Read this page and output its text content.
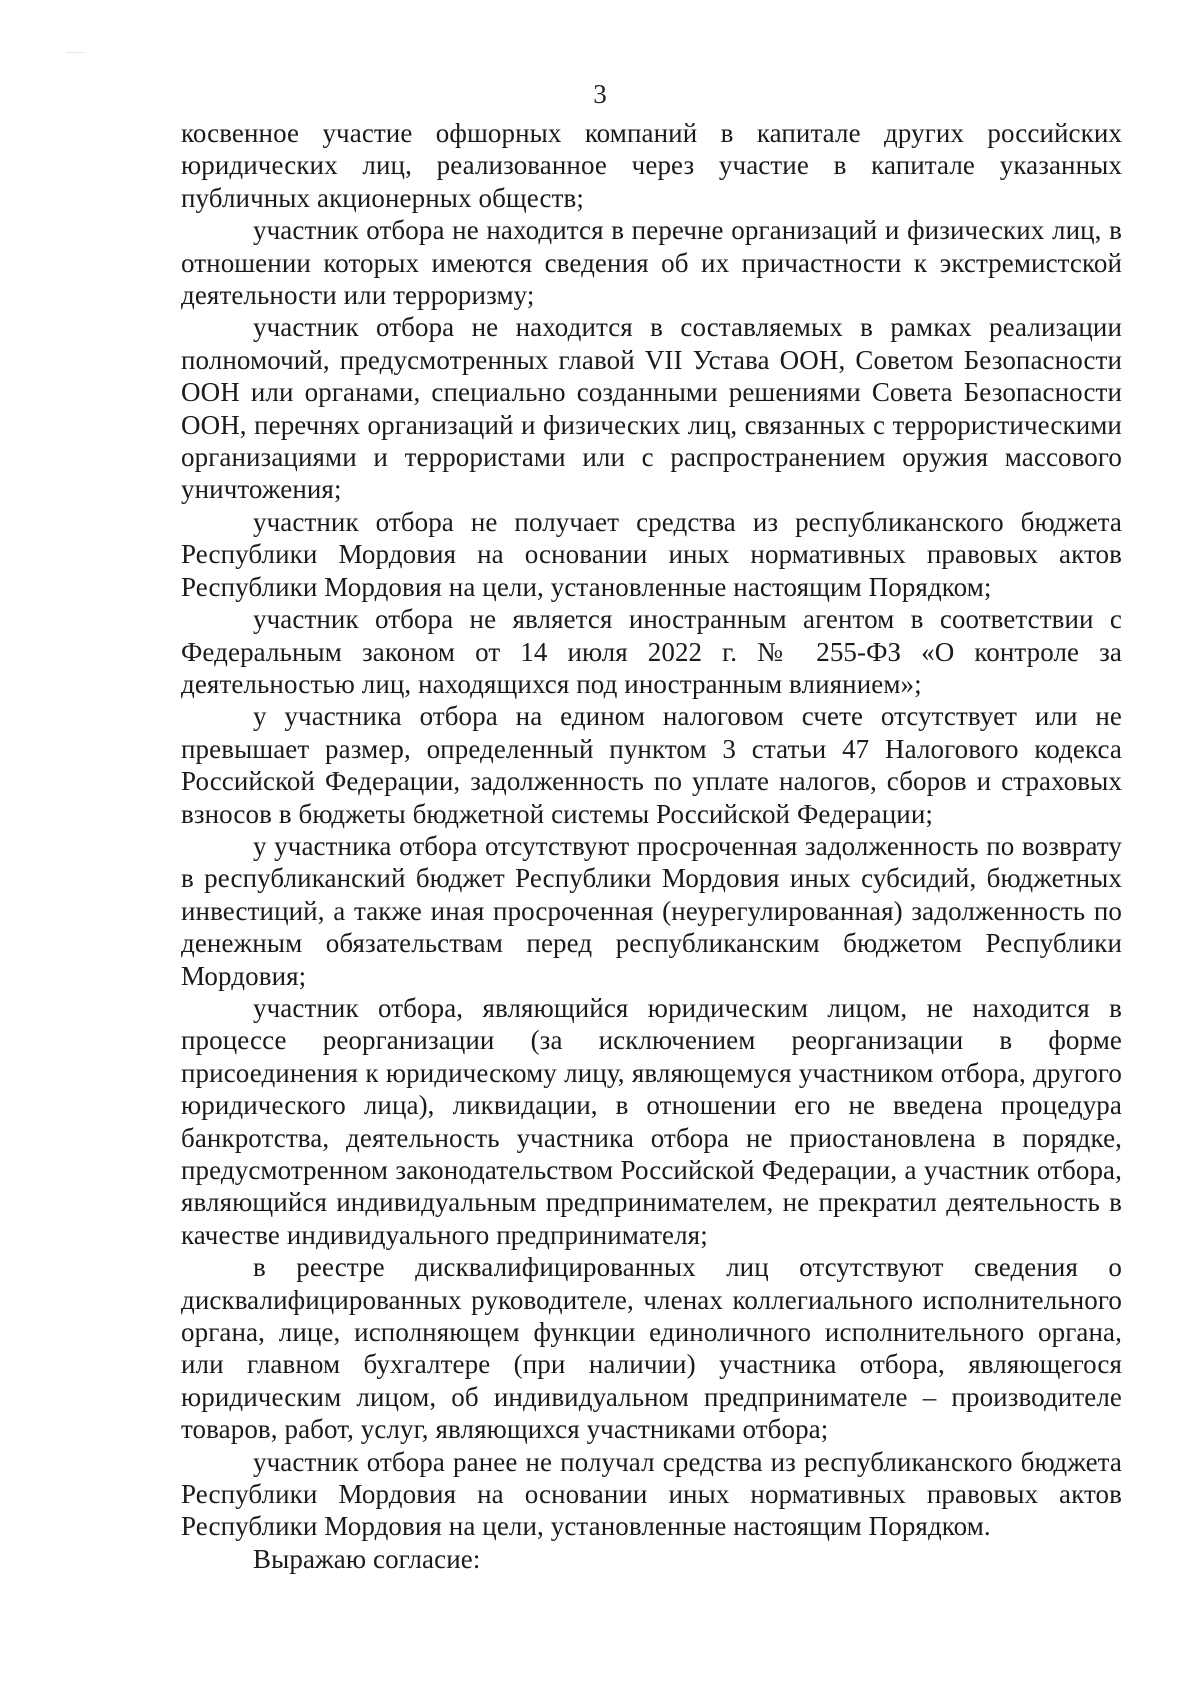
3

косвенное участие офшорных компаний в капитале других российских юридических лиц, реализованное через участие в капитале указанных публичных акционерных обществ;

участник отбора не находится в перечне организаций и физических лиц, в отношении которых имеются сведения об их причастности к экстремистской деятельности или терроризму;

участник отбора не находится в составляемых в рамках реализации полномочий, предусмотренных главой VII Устава ООН, Советом Безопасности ООН или органами, специально созданными решениями Совета Безопасности ООН, перечнях организаций и физических лиц, связанных с террористическими организациями и террористами или с распространением оружия массового уничтожения;

участник отбора не получает средства из республиканского бюджета Республики Мордовия на основании иных нормативных правовых актов Республики Мордовия на цели, установленные настоящим Порядком;

участник отбора не является иностранным агентом в соответствии с Федеральным законом от 14 июля 2022 г. № 255-ФЗ «О контроле за деятельностью лиц, находящихся под иностранным влиянием»;

у участника отбора на едином налоговом счете отсутствует или не превышает размер, определенный пунктом 3 статьи 47 Налогового кодекса Российской Федерации, задолженность по уплате налогов, сборов и страховых взносов в бюджеты бюджетной системы Российской Федерации;

у участника отбора отсутствуют просроченная задолженность по возврату в республиканский бюджет Республики Мордовия иных субсидий, бюджетных инвестиций, а также иная просроченная (неурегулированная) задолженность по денежным обязательствам перед республиканским бюджетом Республики Мордовия;

участник отбора, являющийся юридическим лицом, не находится в процессе реорганизации (за исключением реорганизации в форме присоединения к юридическому лицу, являющемуся участником отбора, другого юридического лица), ликвидации, в отношении его не введена процедура банкротства, деятельность участника отбора не приостановлена в порядке, предусмотренном законодательством Российской Федерации, а участник отбора, являющийся индивидуальным предпринимателем, не прекратил деятельность в качестве индивидуального предпринимателя;

в реестре дисквалифицированных лиц отсутствуют сведения о дисквалифицированных руководителе, членах коллегиального исполнительного органа, лице, исполняющем функции единоличного исполнительного органа, или главном бухгалтере (при наличии) участника отбора, являющегося юридическим лицом, об индивидуальном предпринимателе – производителе товаров, работ, услуг, являющихся участниками отбора;

участник отбора ранее не получал средства из республиканского бюджета Республики Мордовия на основании иных нормативных правовых актов Республики Мордовия на цели, установленные настоящим Порядком.

Выражаю согласие:
